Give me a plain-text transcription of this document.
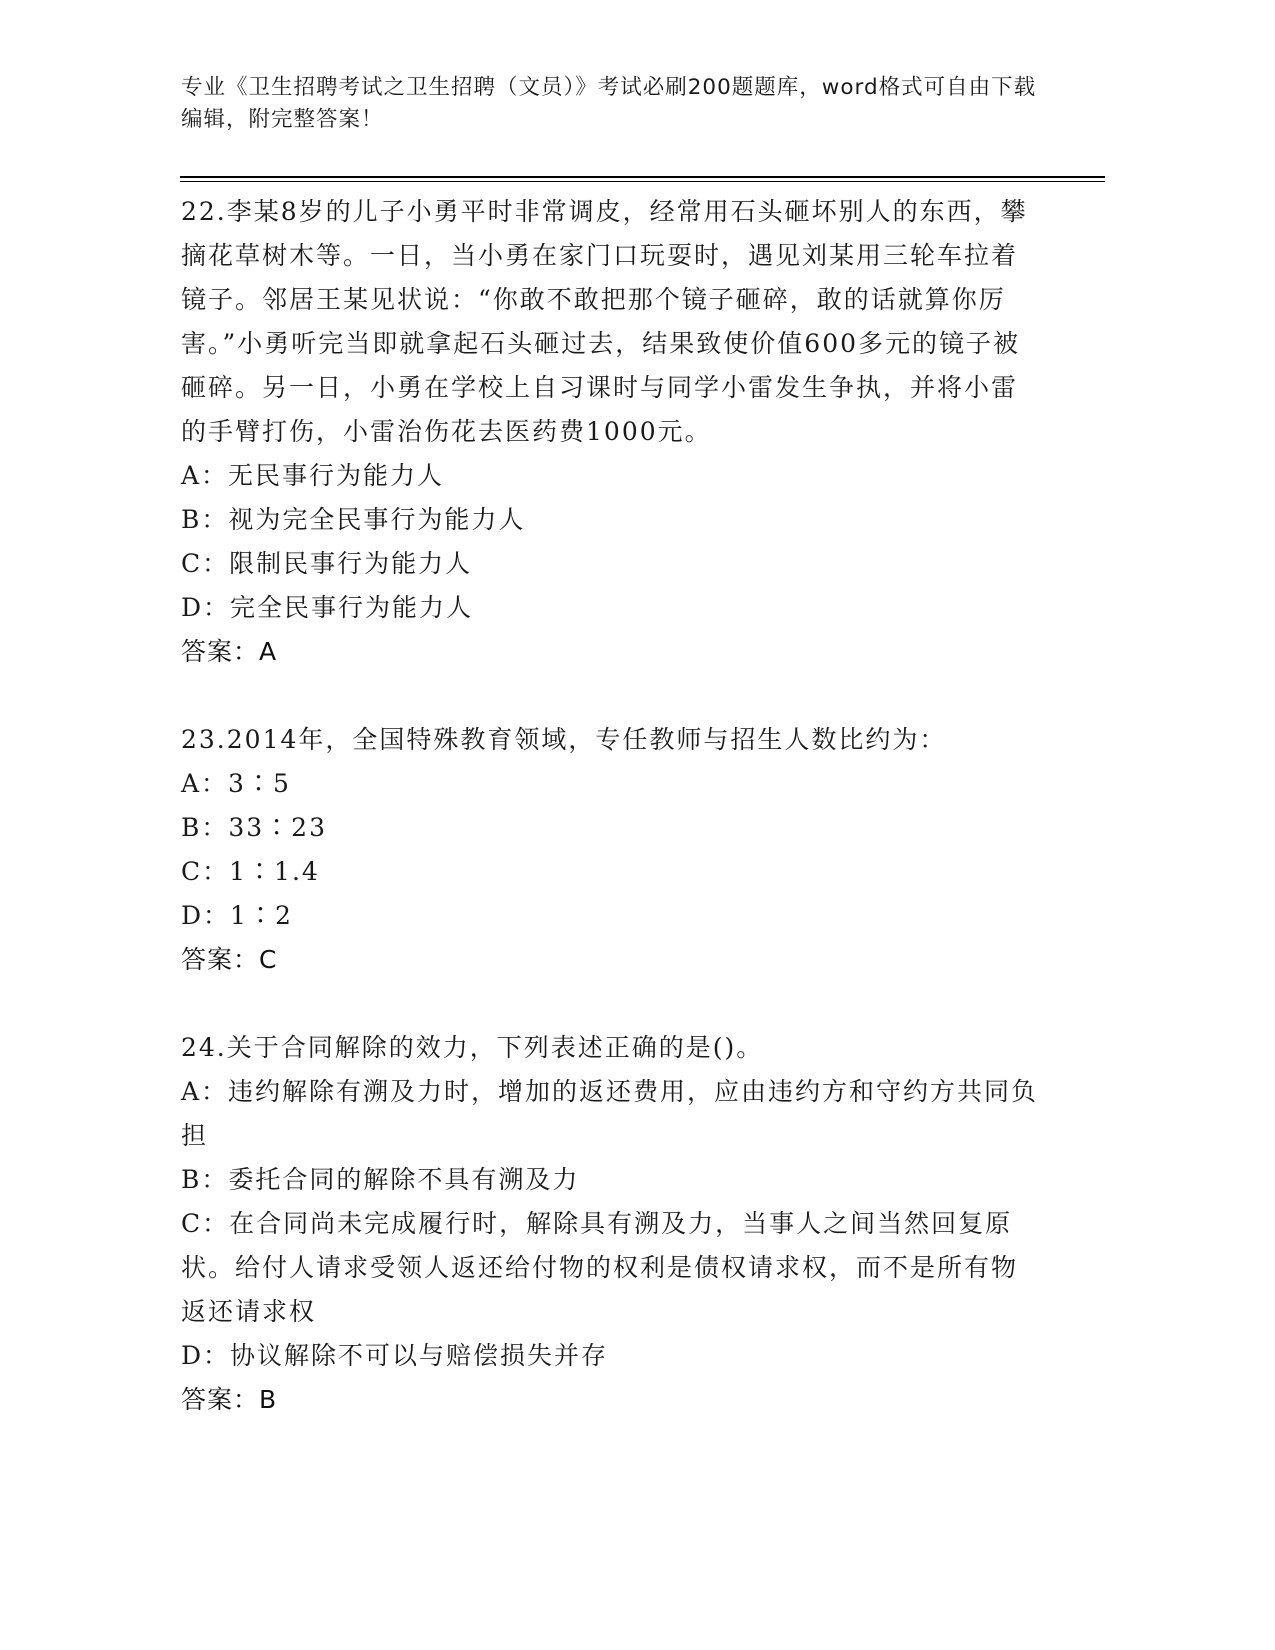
专业《卫生招聘考试之卫生招聘（文员）》考试必刷200题题库，word格式可自由下载编辑，附完整答案！

22.李某8岁的儿子小勇平时非常调皮，经常用石头砸坏别人的东西，攀摘花草树木等。一日，当小勇在家门口玩耍时，遇见刘某用三轮车拉着镜子。邻居王某见状说：“你敢不敢把那个镜子砸碎，敢的话就算你厉害。”小勇听完当即就拿起石头砸过去，结果致使价值600多元的镜子被砸碎。另一日，小勇在学校上自习课时与同学小雷发生争执，并将小雷的手臂打伤，小雷治伤花去医药费1000元。

A：无民事行为能力人

B：视为完全民事行为能力人

C：限制民事行为能力人

D：完全民事行为能力人

答案：A

23.2014年，全国特殊教育领域，专任教师与招生人数比约为：

A：3∶5

B：33∶23

C：1∶1.4

D：1∶2

答案：C

24.关于合同解除的效力，下列表述正确的是()。

A：违约解除有溯及力时，增加的返还费用，应由违约方和守约方共同负担

B：委托合同的解除不具有溯及力

C：在合同尚未完成履行时，解除具有溯及力，当事人之间当然回复原状。给付人请求受领人返还给付物的权利是债权请求权，而不是所有物返还请求权

D：协议解除不可以与赔偿损失并存

答案：B
